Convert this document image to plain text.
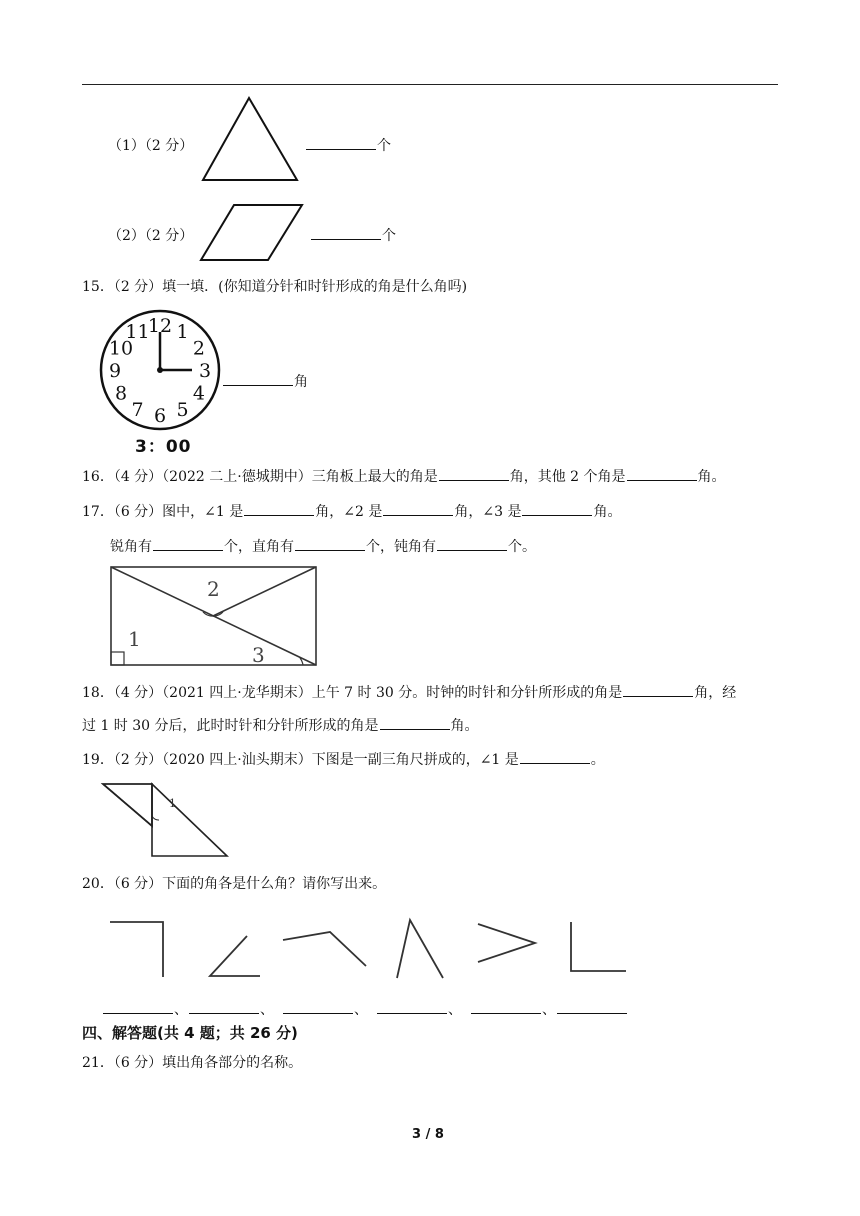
（1）（2 分）	个
（2）（2 分）	个
15．（2 分）填一填．(你知道分针和时针形成的角是什么角吗)
12 1
2
3
4
5
6
7
8
9
10
11
角
3：00
16．（4 分）（2022 二上·德城期中）三角板上最大的角是	角，其他 2 个角是	角。
17．（6 分）图中，∠1 是	角，∠2 是	角，∠3 是	角。
锐角有	个，直角有	个，钝角有	个。
1
2
3
18．（4 分）（2021 四上·龙华期末）上午 7 时 30 分。时钟的时针和分针所形成的角是	角，经
过 1 时 30 分后，此时时针和分针所形成的角是	角。
19．（2 分）（2020 四上·汕头期末）下图是一副三角尺拼成的，∠1 是	。
1
20．（6 分）下面的角各是什么角？请你写出来。
、	、	、	、	、
四、解答题(共 4 题；共 26 分)
21．（6 分）填出角各部分的名称。
3 / 8
